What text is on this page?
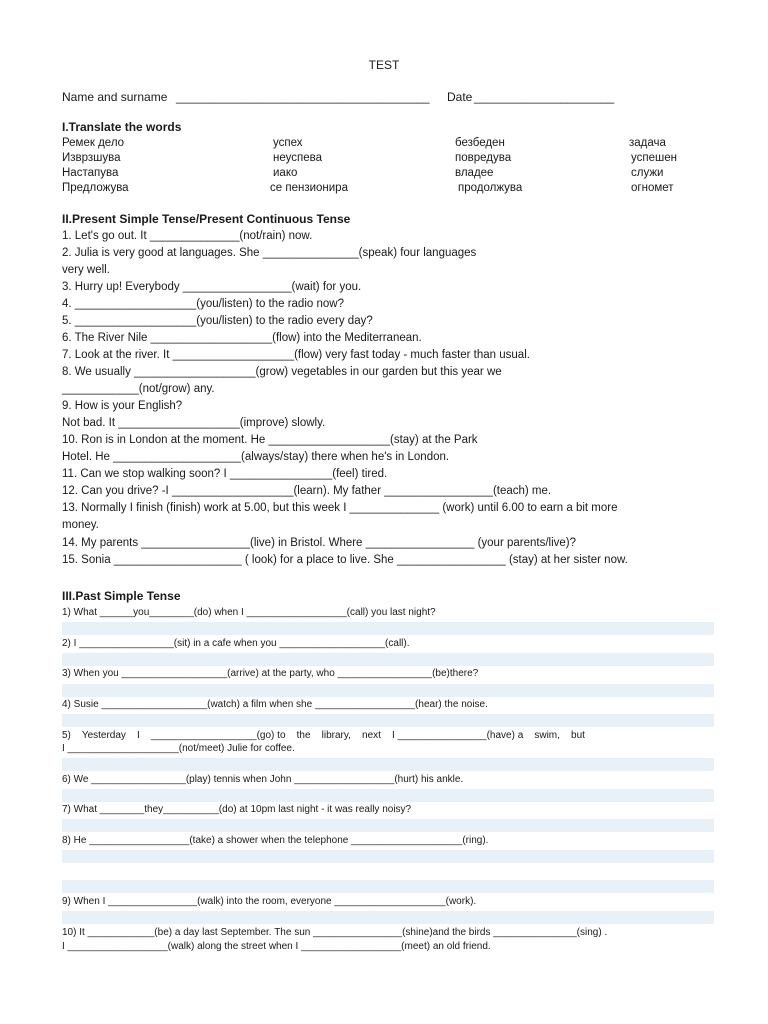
TEST
Name and surname ______________________________________ Date _____________________
I.Translate the words
Ремек дело
Изврзшува
Настапува
Предложува
успех
неуспева
иако
се пензионира
безбеден
повредува
владее
продолжува
задача
успешен
служи
огномет
II.Present Simple Tense/Present Continuous Tense
1. Let's go out. It ______________(not/rain) now.
2. Julia is very good at languages. She _______________(speak) four languages
very well.
3. Hurry up! Everybody _________________(wait) for you.
4. ___________________(you/listen) to the radio now?
5. ___________________(you/listen) to the radio every day?
6. The River Nile ___________________(flow) into the Mediterranean.
7. Look at the river. It ___________________(flow) very fast today - much faster than usual.
8. We usually ___________________(grow) vegetables in our garden but this year we
____________(not/grow) any.
9. How is your English?
Not bad. It ___________________(improve) slowly.
10. Ron is in London at the moment. He ___________________(stay) at the Park
Hotel. He ____________________(always/stay) there when he's in London.
11. Can we stop walking soon? I ________________(feel) tired.
12. Can you drive? -I ___________________(learn). My father _________________(teach) me.
13. Normally I finish (finish) work at 5.00, but this week I ______________ (work) until 6.00 to earn a bit more
money.
14. My parents _________________(live) in Bristol. Where _________________ (your parents/live)?
15. Sonia ____________________ ( look) for a place to live. She _________________ (stay) at her sister now.
III.Past Simple Tense
1) What ______you________(do) when I __________________(call) you last night?
2) I _________________(sit) in a cafe when you ___________________(call).
3) When you ___________________(arrive) at the party, who _________________(be)there?
4) Susie ___________________(watch) a film when she __________________(hear) the noise.
5)    Yesterday    I    ___________________(go) to    the    library,    next    I ________________(have) a    swim,    but
I ____________________(not/meet) Julie for coffee.
6) We _________________(play) tennis when John __________________(hurt) his ankle.
7) What ________they__________(do) at 10pm last night - it was really noisy?
8) He __________________(take) a shower when the telephone ____________________(ring).
9) When I ________________(walk) into the room, everyone ____________________(work).
10) It ____________(be) a day last September. The sun ________________(shine)and the birds _______________(sing) .
I __________________(walk) along the street when I __________________(meet) an old friend.
